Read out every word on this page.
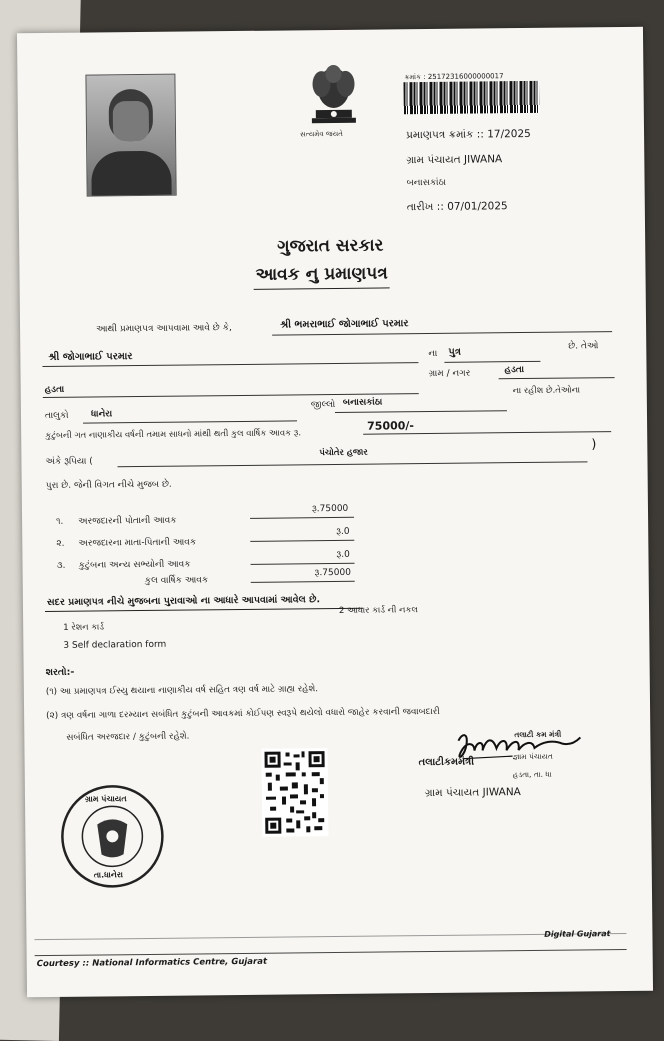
સત્યમેવ જયતે
ક્રમાંક : 25172316000000017
પ્રમાણપત્ર ક્રમાંક :: 17/2025
ગ્રામ પંચાયત JIWANA
બનાસકાંઠા
તારીખ :: 07/01/2025
ગુજરાત સરકાર
આવક નુ પ્રમાણપત્ર
આથી પ્રમાણપત્ર આપવામા આવે છે કે,	શ્રી ભમરાભાઈ જોગાભાઈ પરમાર
શ્રી જોગાભાઈ પરમાર	ના પુત્ર
છે. તેઓ
હડતા
ગ્રામ / નગર	હડતા
ના રહીશ છે.તેઓના
તાલુકો ધાનેરા
જીલ્લો બનાસકાંઠા
કુટુંબની ગત નાણાકીય વર્ષની તમામ સાધનો માંથી થતી કુલ વાર્ષિક આવક રૂ.
75000/-
અંકે રૂપિયા (
પંચોતેર હજાર
)
પુરા છે. જેની વિગત નીચે મુજબ છે.
૧. અરજદારની પોતાની આવક
રૂ.75000
૨. અરજદારના માતા-પિતાની આવક
રૂ.0
૩. કુટુંબના અન્ય સભ્યોની આવક
રૂ.0
કુલ વાર્ષિક આવક
રૂ.75000
સદર પ્રમાણપત્ર નીચે મુજબના પુરાવાઓ ના આધારે આપવામાં આવેલ છે.
1 રેશન કાર્ડ
2 આધાર કાર્ડ ની નકલ
3 Self declaration form
શરતો:-
(૧) આ પ્રમાણપત્ર ઈસ્યુ થયાના નાણાકીય વર્ષ સહિત ત્રણ વર્ષ માટે ગ્રાહ્ય રહેશે.
(૨) ત્રણ વર્ષના ગાળા દરમ્યાન સબંધિત કુટુંબની આવકમાં કોઈપણ સ્વરૂપે થયેલો વધારો જાહેર કરવાની જવાબદારી
સબંધિત અરજદાર / કુટુંબની રહેશે.
ગ્રામ પંચાયત
તા.ધાનેરા
તલાટી કમ મંત્રી
તલાટીકમમંત્રી
જ્ઞામ પંચાયત
હડતા, તા. ધા
ગ્રામ પંચાયત JIWANA
Digital Gujarat
Courtesy :: National Informatics Centre, Gujarat
